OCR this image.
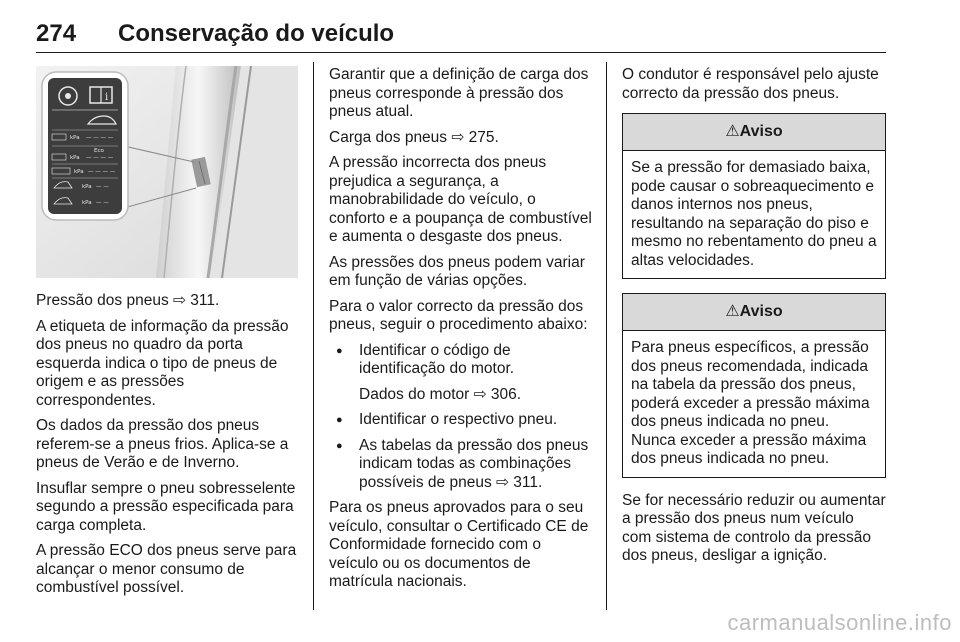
274 Conservação do veículo
i
kPa — — — —
Eco
kPa — — — —
kPa — — — —
kPa — —
kPa — —

Pressão dos pneus ⇨ 311.

A etiqueta de informação da pressão dos pneus no quadro da porta esquerda indica o tipo de pneus de origem e as pressões correspondentes.

Os dados da pressão dos pneus referem-se a pneus frios. Aplica-se a pneus de Verão e de Inverno.

Insuflar sempre o pneu sobresselente segundo a pressão especificada para carga completa.

A pressão ECO dos pneus serve para alcançar o menor consumo de combustível possível.

Garantir que a definição de carga dos pneus corresponde à pressão dos pneus atual.

Carga dos pneus ⇨ 275.

A pressão incorrecta dos pneus prejudica a segurança, a manobrabilidade do veículo, o conforto e a poupança de combustível e aumenta o desgaste dos pneus.

As pressões dos pneus podem variar em função de várias opções.

Para o valor correcto da pressão dos pneus, seguir o procedimento abaixo:

● Identificar o código de identificação do motor.
Dados do motor ⇨ 306.
● Identificar o respectivo pneu.
● As tabelas da pressão dos pneus indicam todas as combinações possíveis de pneus ⇨ 311.

Para os pneus aprovados para o seu veículo, consultar o Certificado CE de Conformidade fornecido com o veículo ou os documentos de matrícula nacionais.

O condutor é responsável pelo ajuste correcto da pressão dos pneus.

⚠Aviso
Se a pressão for demasiado baixa, pode causar o sobreaquecimento e danos internos nos pneus, resultando na separação do piso e mesmo no rebentamento do pneu a altas velocidades.
⚠Aviso
Para pneus específicos, a pressão dos pneus recomendada, indicada na tabela da pressão dos pneus, poderá exceder a pressão máxima dos pneus indicada no pneu. Nunca exceder a pressão máxima dos pneus indicada no pneu.

Se for necessário reduzir ou aumentar a pressão dos pneus num veículo com sistema de controlo da pressão dos pneus, desligar a ignição.

carmanualsonline.info
